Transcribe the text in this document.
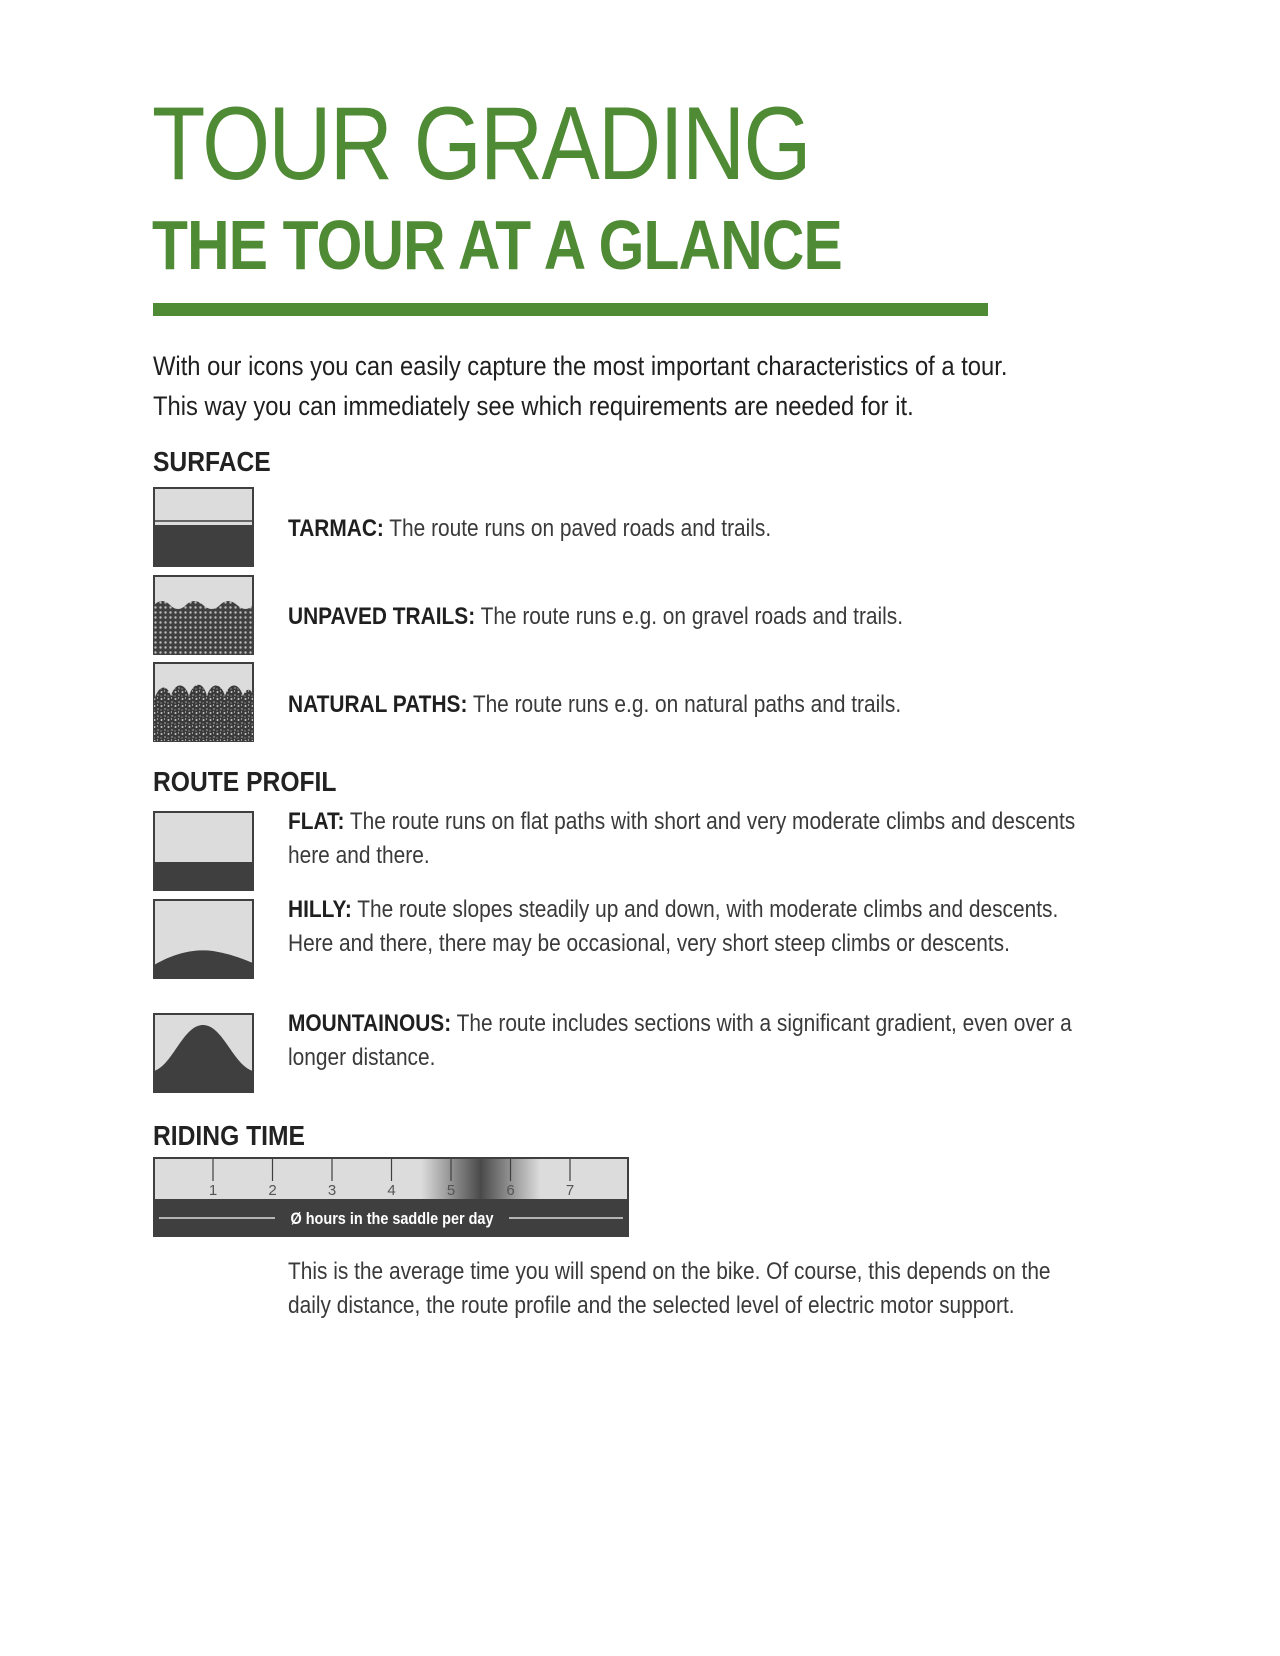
TOUR GRADING
THE TOUR AT A GLANCE

With our icons you can easily capture the most important characteristics of a tour.
This way you can immediately see which requirements are needed for it.

SURFACE

TARMAC: The route runs on paved roads and trails.

UNPAVED TRAILS: The route runs e.g. on gravel roads and trails.

NATURAL PATHS: The route runs e.g. on natural paths and trails.

ROUTE PROFIL

FLAT: The route runs on flat paths with short and very moderate climbs and descents here and there.

HILLY: The route slopes steadily up and down, with moderate climbs and descents. Here and there, there may be occasional, very short steep climbs or descents.

MOUNTAINOUS: The route includes sections with a significant gradient, even over a longer distance.

RIDING TIME
1	2	3	4	5	6	7
Ø hours in the saddle per day

This is the average time you will spend on the bike. Of course, this depends on the daily distance, the route profile and the selected level of electric motor support.
